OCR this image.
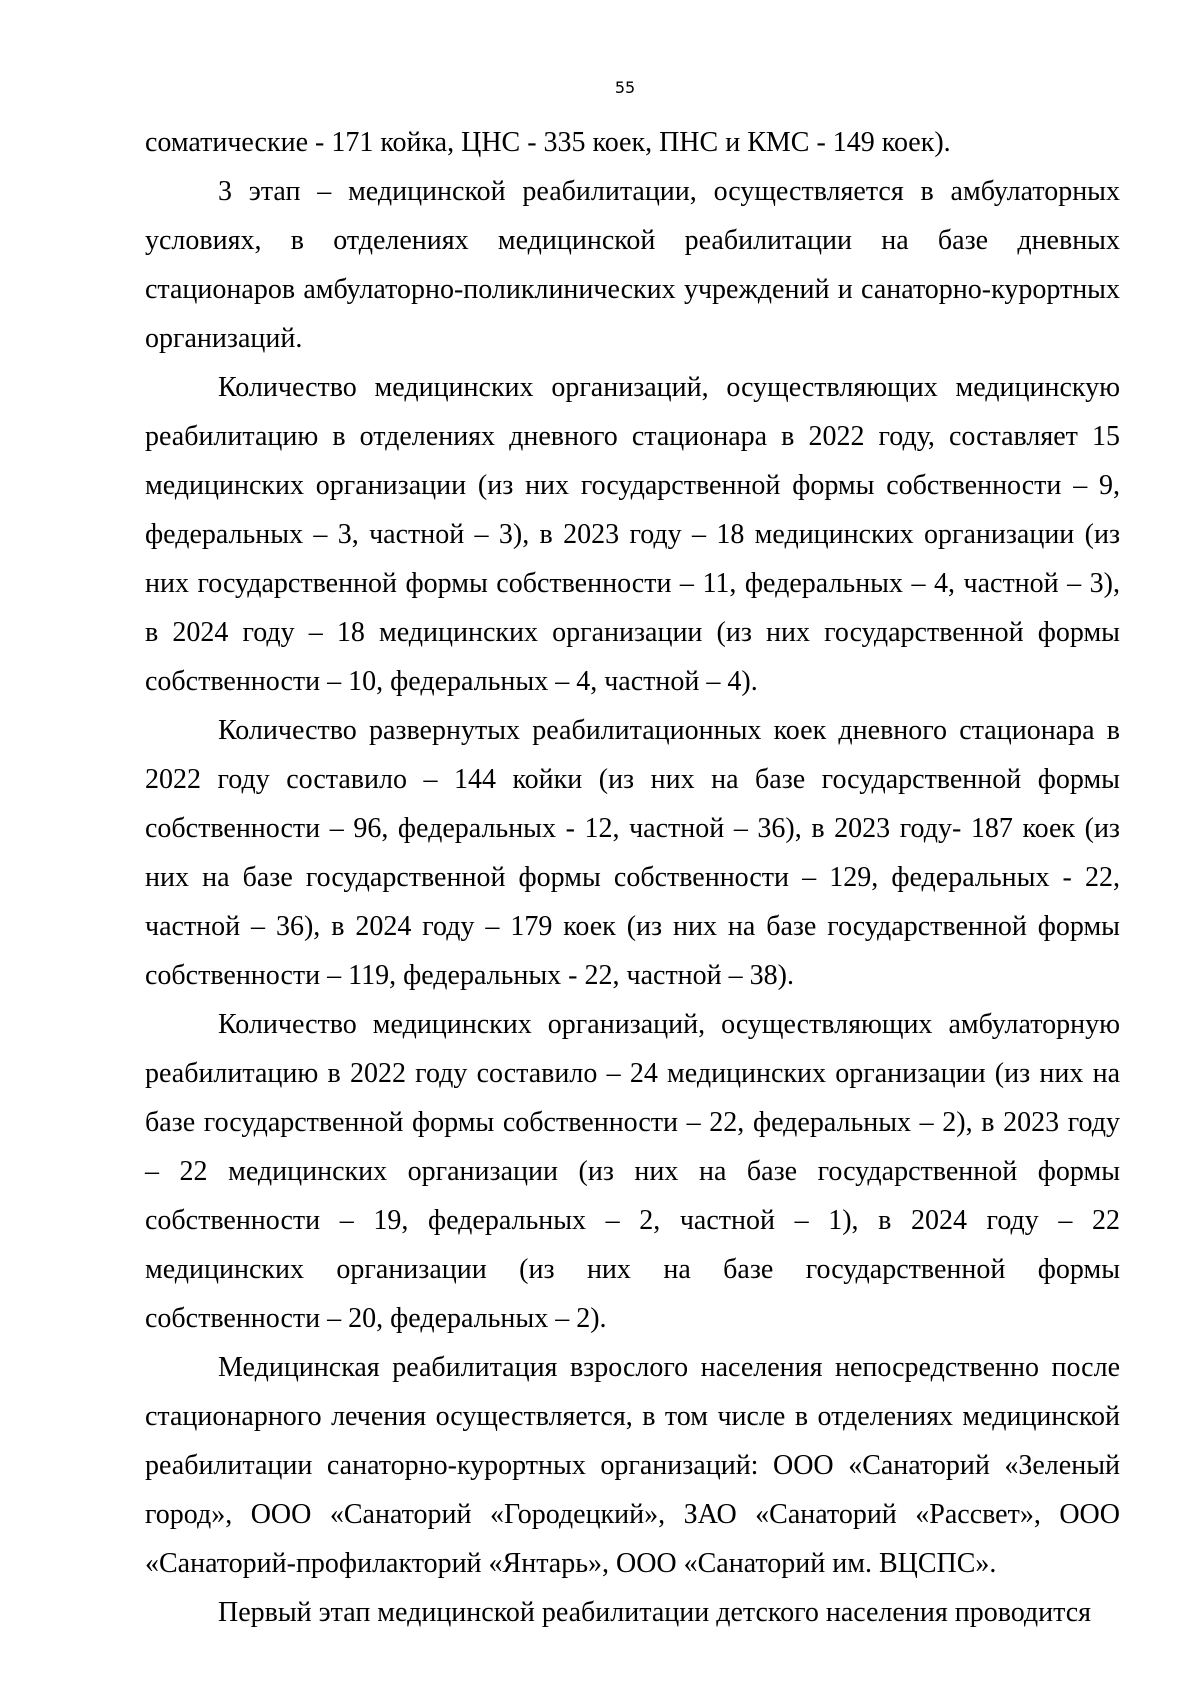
55

соматические - 171 койка, ЦНС - 335 коек, ПНС и КМС - 149 коек).

3 этап – медицинской реабилитации, осуществляется в амбулаторных условиях, в отделениях медицинской реабилитации на базе дневных стационаров амбулаторно-поликлинических учреждений и санаторно-курортных организаций.

Количество медицинских организаций, осуществляющих медицинскую реабилитацию в отделениях дневного стационара в 2022 году, составляет 15 медицинских организации (из них государственной формы собственности – 9, федеральных – 3, частной – 3), в 2023 году – 18 медицинских организации (из них государственной формы собственности – 11, федеральных – 4, частной – 3), в 2024 году – 18 медицинских организации (из них государственной формы собственности – 10, федеральных – 4, частной – 4).

Количество развернутых реабилитационных коек дневного стационара в 2022 году составило – 144 койки (из них на базе государственной формы собственности – 96, федеральных - 12, частной – 36), в 2023 году- 187 коек (из них на базе государственной формы собственности – 129, федеральных - 22, частной – 36), в 2024 году – 179 коек (из них на базе государственной формы собственности – 119, федеральных - 22, частной – 38).

Количество медицинских организаций, осуществляющих амбулаторную реабилитацию в 2022 году составило – 24 медицинских организации (из них на базе государственной формы собственности – 22, федеральных – 2), в 2023 году – 22 медицинских организации (из них на базе государственной формы собственности – 19, федеральных – 2, частной – 1), в 2024 году – 22 медицинских организации (из них на базе государственной формы собственности – 20, федеральных – 2).

Медицинская реабилитация взрослого населения непосредственно после стационарного лечения осуществляется, в том числе в отделениях медицинской реабилитации санаторно-курортных организаций: ООО «Санаторий «Зеленый город», ООО «Санаторий «Городецкий», ЗАО «Санаторий «Рассвет», ООО «Санаторий-профилакторий «Янтарь», ООО «Санаторий им. ВЦСПС».

Первый этап медицинской реабилитации детского населения проводится
